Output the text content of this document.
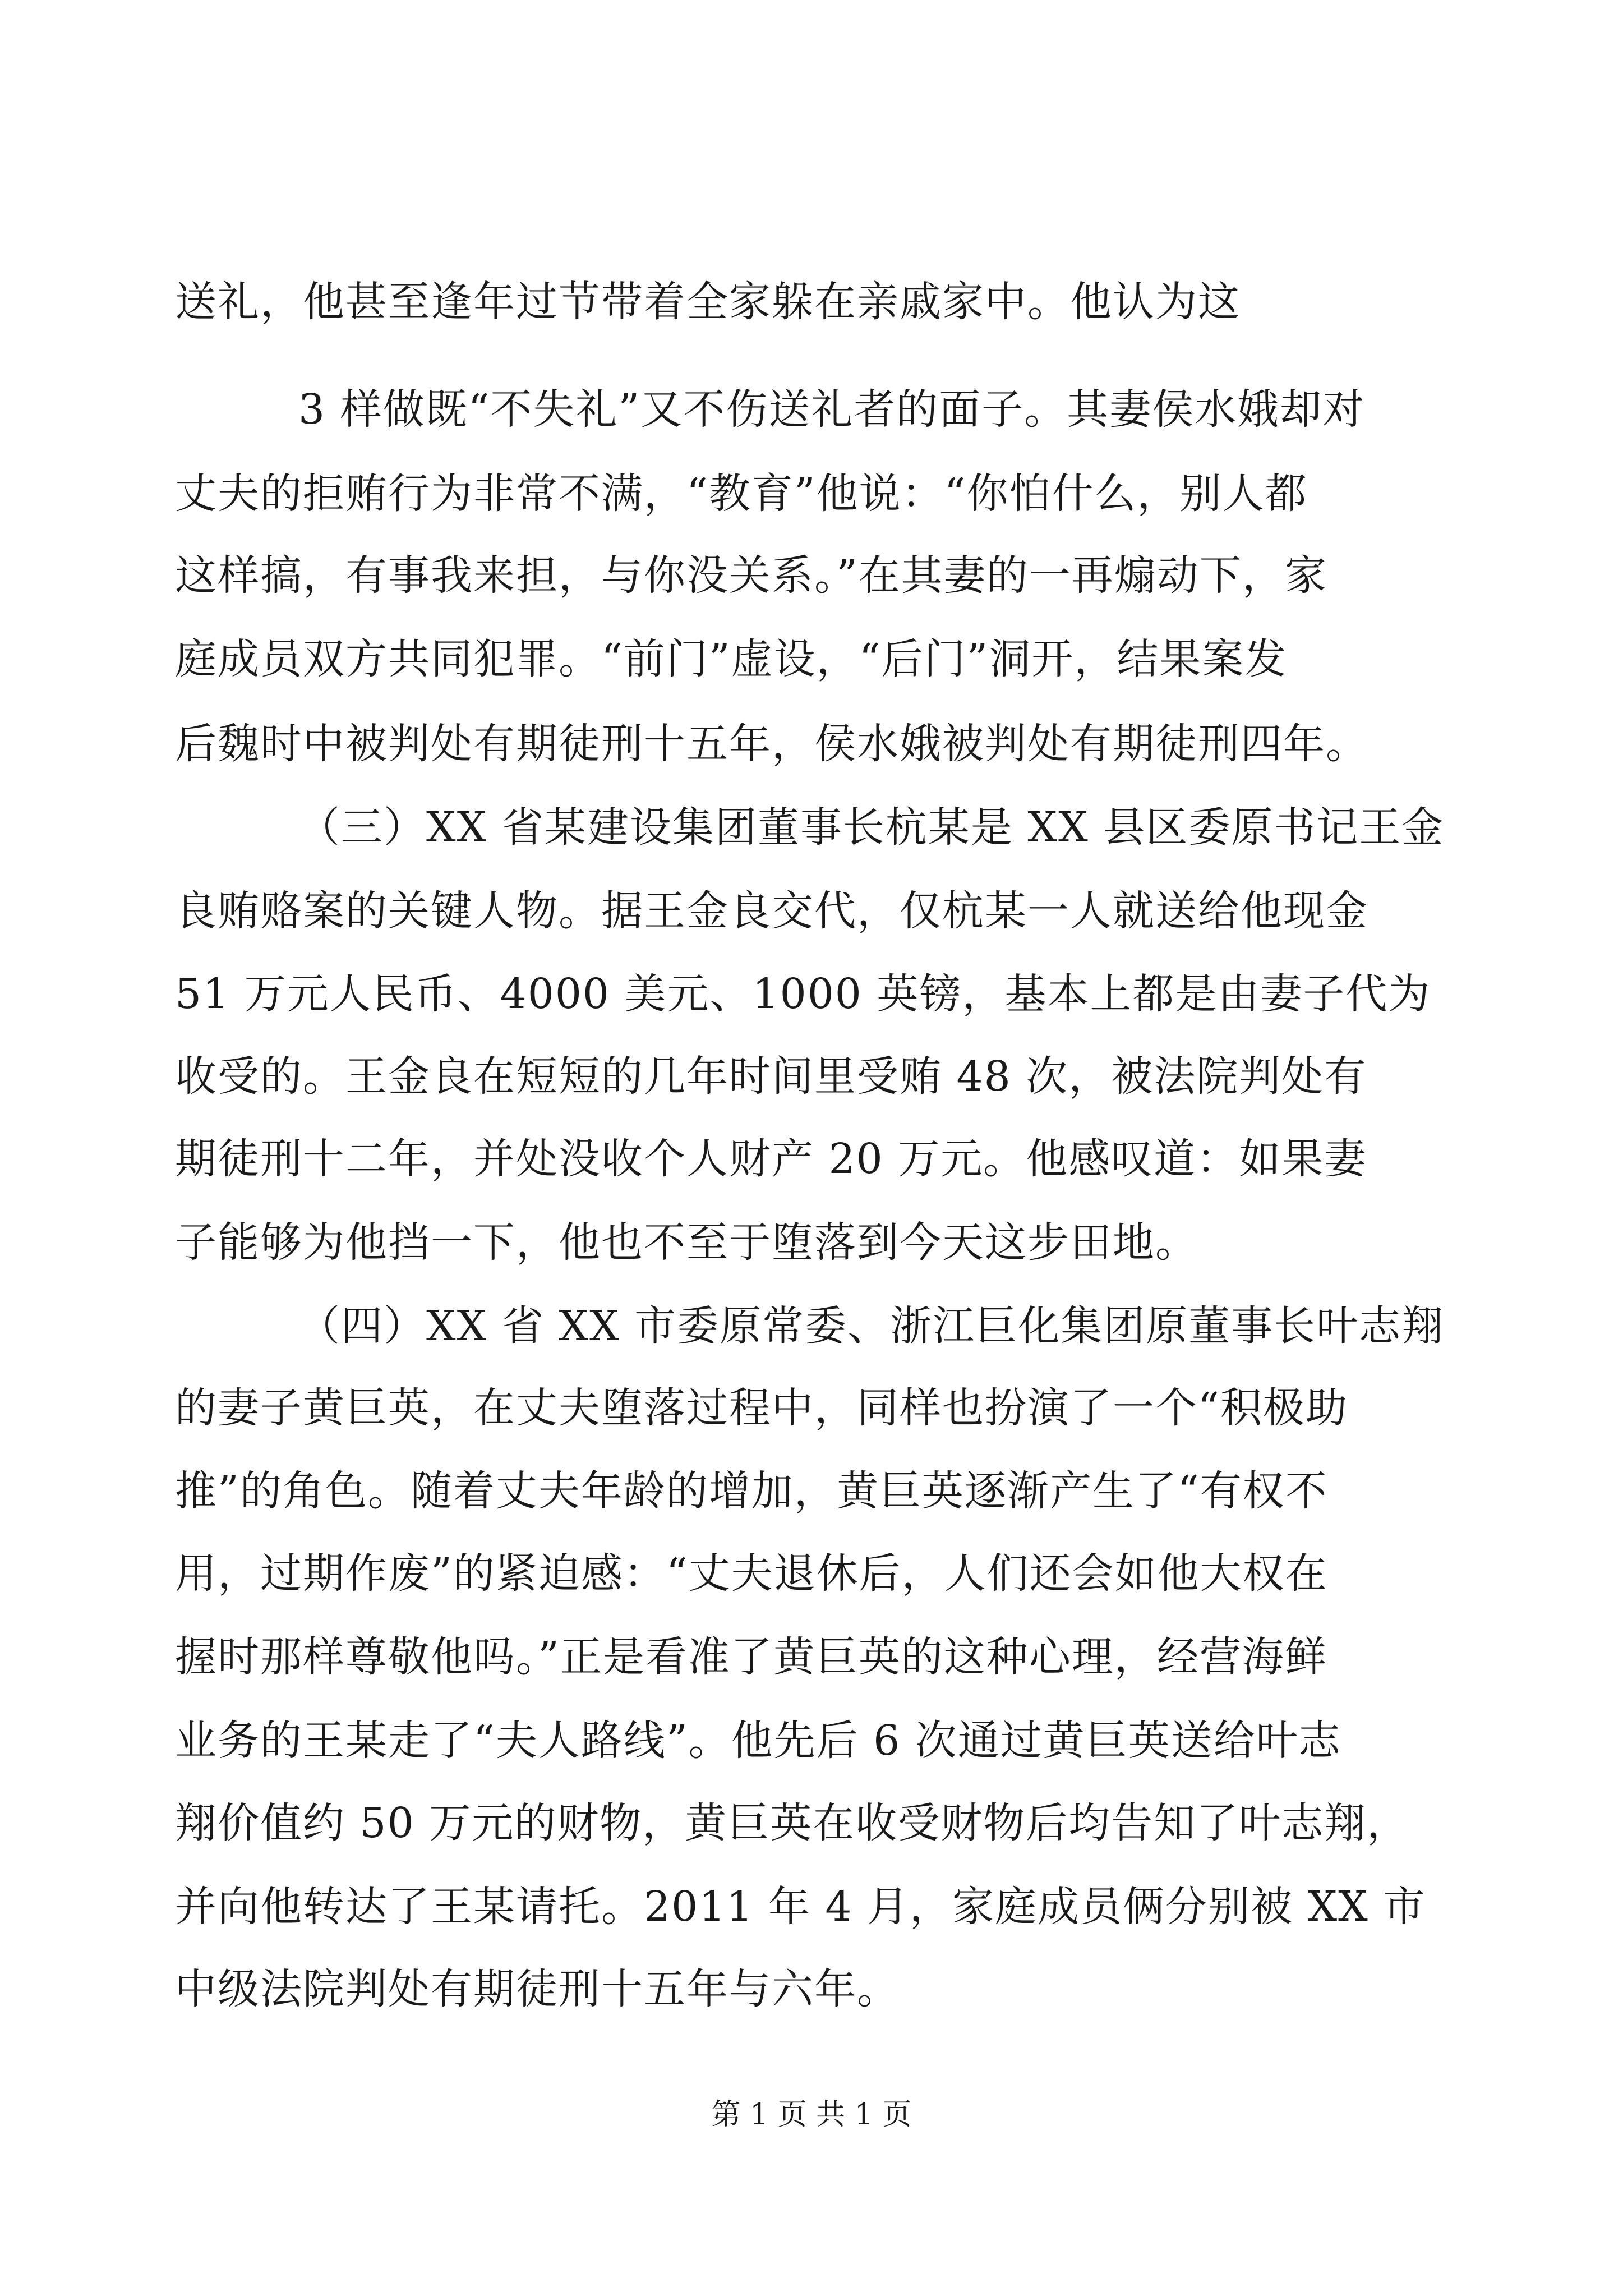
送礼，他甚至逢年过节带着全家躲在亲戚家中。他认为这
3 样做既“不失礼”又不伤送礼者的面子。其妻侯水娥却对
丈夫的拒贿行为非常不满，“教育”他说：“你怕什么，别人都
这样搞，有事我来担，与你没关系。”在其妻的一再煽动下，家
庭成员双方共同犯罪。“前门”虚设，“后门”洞开，结果案发
后魏时中被判处有期徒刑十五年，侯水娥被判处有期徒刑四年。
（三）XX 省某建设集团董事长杭某是 XX 县区委原书记王金
良贿赂案的关键人物。据王金良交代，仅杭某一人就送给他现金
51 万元人民币、4000 美元、1000 英镑，基本上都是由妻子代为
收受的。王金良在短短的几年时间里受贿 48 次，被法院判处有
期徒刑十二年，并处没收个人财产 20 万元。他感叹道：如果妻
子能够为他挡一下，他也不至于堕落到今天这步田地。
（四）XX 省 XX 市委原常委、浙江巨化集团原董事长叶志翔
的妻子黄巨英，在丈夫堕落过程中，同样也扮演了一个“积极助
推”的角色。随着丈夫年龄的增加，黄巨英逐渐产生了“有权不
用，过期作废”的紧迫感：“丈夫退休后，人们还会如他大权在
握时那样尊敬他吗。”正是看准了黄巨英的这种心理，经营海鲜
业务的王某走了“夫人路线”。他先后 6 次通过黄巨英送给叶志
翔价值约 50 万元的财物，黄巨英在收受财物后均告知了叶志翔，
并向他转达了王某请托。2011 年 4 月，家庭成员俩分别被 XX 市
中级法院判处有期徒刑十五年与六年。
第 1 页 共 1 页
